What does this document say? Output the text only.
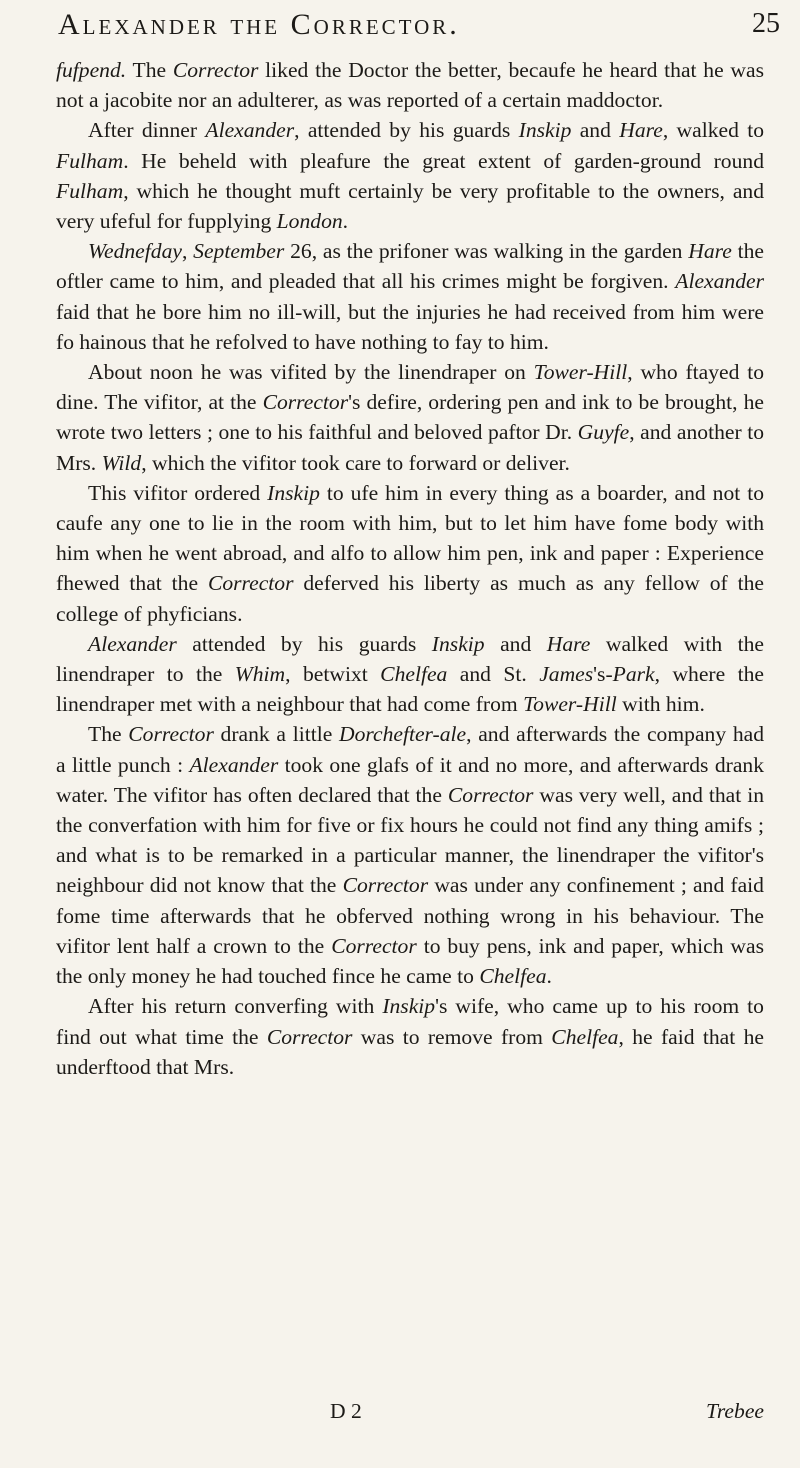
Alexander the Corrector.	25

fufpend. The Corrector liked the Doctor the better, becaufe he heard that he was not a jacobite nor an adulterer, as was reported of a certain maddoctor.

After dinner Alexander, attended by his guards Inskip and Hare, walked to Fulham. He beheld with pleafure the great extent of garden-ground round Fulham, which he thought muft certainly be very profitable to the owners, and very ufeful for fupplying London.

Wednefday, September 26, as the prifoner was walking in the garden Hare the oftler came to him, and pleaded that all his crimes might be forgiven. Alexander faid that he bore him no ill-will, but the injuries he had received from him were fo hainous that he refolved to have nothing to fay to him.

About noon he was vifited by the linendraper on Tower-Hill, who ftayed to dine. The vifitor, at the Corrector's defire, ordering pen and ink to be brought, he wrote two letters ; one to his faithful and beloved paftor Dr. Guyfe, and another to Mrs. Wild, which the vifitor took care to forward or deliver.

This vifitor ordered Inskip to ufe him in every thing as a boarder, and not to caufe any one to lie in the room with him, but to let him have fome body with him when he went abroad, and alfo to allow him pen, ink and paper : Experience fhewed that the Corrector deferved his liberty as much as any fellow of the college of phyficians.

Alexander attended by his guards Inskip and Hare walked with the linendraper to the Whim, betwixt Chelfea and St. James's-Park, where the linendraper met with a neighbour that had come from Tower-Hill with him.

The Corrector drank a little Dorchefter-ale, and afterwards the company had a little punch : Alexander took one glafs of it and no more, and afterwards drank water. The vifitor has often declared that the Corrector was very well, and that in the converfation with him for five or fix hours he could not find any thing amifs ; and what is to be remarked in a particular manner, the linendraper the vifitor's neighbour did not know that the Corrector was under any confinement ; and faid fome time afterwards that he obferved nothing wrong in his behaviour. The vifitor lent half a crown to the Corrector to buy pens, ink and paper, which was the only money he had touched fince he came to Chelfea.

After his return converfing with Inskip's wife, who came up to his room to find out what time the Corrector was to remove from Chelfea, he faid that he underftood that Mrs.

D 2	Trebee
